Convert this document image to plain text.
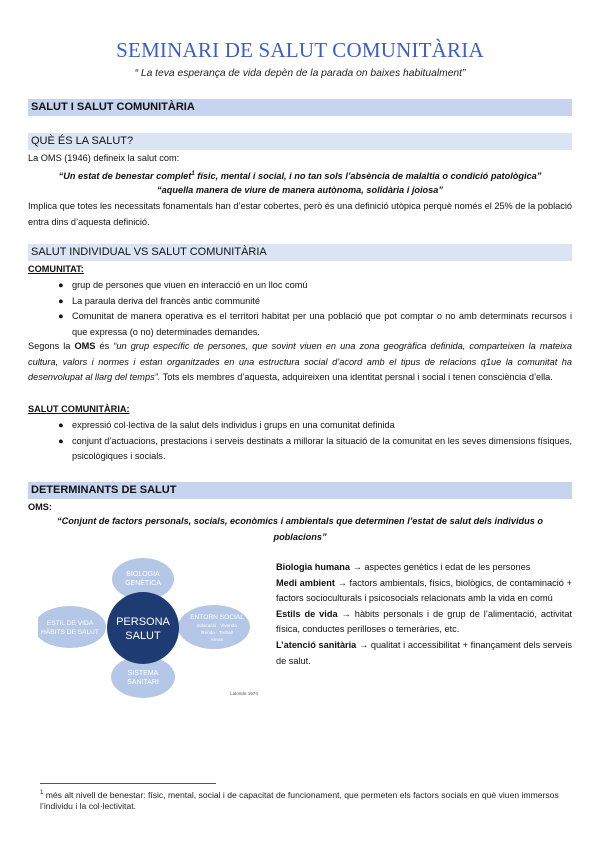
SEMINARI DE SALUT COMUNITÀRIA
“ La teva esperança de vida depèn de la parada on baixes habitualment”
SALUT I SALUT COMUNITÀRIA
QUÈ ÉS LA SALUT?
La OMS (1946) defineix la salut com:
“Un estat de benestar complet$^1$ físic, mental i social, i no tan sols l’absència de malaltia o condició patològica”
“aquella manera de viure de manera autònoma, solidària i joiosa”
Implica que totes les necessitats fonamentals han d’estar cobertes, però és una definició utòpica perquè només el 25% de la població entra dins d’aquesta definició.
SALUT INDIVIDUAL VS SALUT COMUNITÀRIA
COMUNITAT:
● grup de persones que viuen en interacció en un lloc comú
● La paraula deriva del francès antic communité
● Comunitat de manera operativa es el territori habitat per una població que pot comptar o no amb determinats recursos i que expressa (o no) determinades demandes.
Segons la OMS és “un grup específic de persones, que sovint viuen en una zona geogràfica definida, comparteixen la mateixa cultura, valors i normes i estan organitzades en una estructura social d’acord amb el tipus de relacions q1ue la comunitat ha desenvolupat al llarg del temps”. Tots els membres d’aquesta, adquireixen una identitat persnal i social i tenen consciència d’ella.
SALUT COMUNITÀRIA:
● expressió col·lectiva de la salut dels individus i grups en una comunitat definida
● conjunt d’actuacions, prestacions i serveis destinats a millorar la situació de la comunitat en les seves dimensions físiques, psicològiques i socials.
DETERMINANTS DE SALUT
OMS:
“Conjunt de factors personals, socials, econòmics i ambientals que determinen l’estat de salut dels individus o
poblacions”
BIOLOGIA
GENÈTICA
ESTIL DE VIDA
HÀBITS DE SALUT
ENTORN SOCIAL
Educació · Vivenda
Renda · Treball
Amics
SISTEMA
SANITARI
PERSONA
SALUT
Lalonde 1974

Biologia humana → aspectes genètics i edat de les persones

Medi ambient → factors ambientals, físics, biològics, de contaminació + factors socioculturals i psicosocials relacionats amb la vida en comú

Estils de vida → hàbits personals i de grup de l’alimentació, activitat física, conductes perilloses o temeràries, etc.

L’atenció sanitària → qualitat i accessibilitat + finançament dels serveis de salut.

$^1$ més alt nivell de benestar: físic, mental, social i de capacitat de funcionament, que permeten els factors socials en què viuen immersos l’individu i la col·lectivitat.
